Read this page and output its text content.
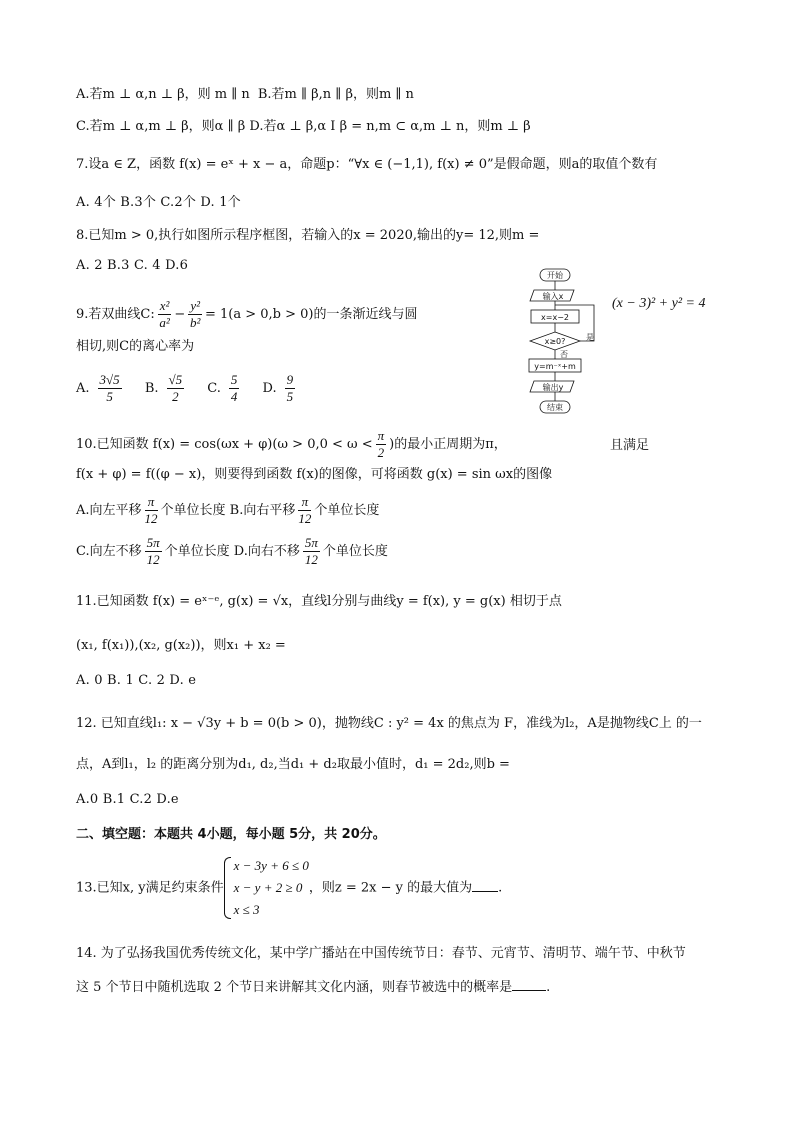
A.若m ⊥ α,n ⊥ β，则 m ∥ n B.若m ∥ β,n ∥ β，则m ∥ n
C.若m ⊥ α,m ⊥ β，则α ∥ β D.若α ⊥ β,α I β = n,m ⊂ α,m ⊥ n，则m ⊥ β
7.设a ∈ Z，函数 f(x) = eˣ + x − a，命题p：“∀x ∈ (−1,1), f(x) ≠ 0”是假命题，则a的取值个数有
A. 4个 B.3个 C.2个 D. 1个
8.已知m > 0,执行如图所示程序框图，若输入的x = 2020,输出的y= 12,则m =
A. 2 B.3 C. 4 D.6
9.若双曲线C: $\frac{\text{x²}}{\text{a²}} - \frac{\text{y²}}{\text{b²}} = 1(a > 0,b > 0)$的一条渐近线与圆
相切,则C的离心率为
A. $\frac{3√5}{5} B$. $\frac{√5}{2} C$. $\frac{5}{4} D$. $\frac{9}{5}$
开始
输入x
x=x−2
x≥0?	是
否
y=m⁻ˣ+m
输出y
结束
(x − 3)² + y² = 4
10.已知函数 $f(x) = \cos(\omega x + \varphi)(\omega > 0,0 < \omega < \frac{\pi}{2}$ )的最小正周期为π，	且满足
f(x + φ) = f((φ − x)，则要得到函数 f(x)的图像，可将函数 g(x) = sin ωx的图像
A.向左平移 $\frac{\pi}{12}$ 个单位长度 B.向右平移 $\frac{\pi}{12}$ 个单位长度
C.向左不移 $\frac{5\pi}{12}$ 个单位长度 D.向右不移 $\frac{5\pi}{12}$ 个单位长度
11.已知函数 f(x) = eˣ⁻ᵉ, g(x) = √x，直线l分别与曲线y = f(x), y = g(x) 相切于点
(x₁, f(x₁)),(x₂, g(x₂))，则x₁ + x₂ =
A. 0 B. 1 C. 2 D. e
12. 已知直线l₁: x − √3y + b = 0(b > 0)，抛物线C : y² = 4x 的焦点为 F，准线为l₂，A是抛物线C上 的一
点，A到l₁，l₂ 的距离分别为d₁, d₂,当d₁ + d₂取最小值时，d₁ = 2d₂,则b =
A.0 B.1 C.2 D.e
二、填空题：本题共 4小题，每小题 5分，共 20分。
13.已知x, y满足约束条件
x − 3y + 6 ≤ 0
x − y + 2 ≥ 0
x ≤ 3
，则z = 2x − y 的最大值为 .
14. 为了弘扬我国优秀传统文化，某中学广播站在中国传统节日：春节、元宵节、清明节、端午节、中秋节
这 5 个节日中随机选取 2 个节日来讲解其文化内涵，则春节被选中的概率是	.
